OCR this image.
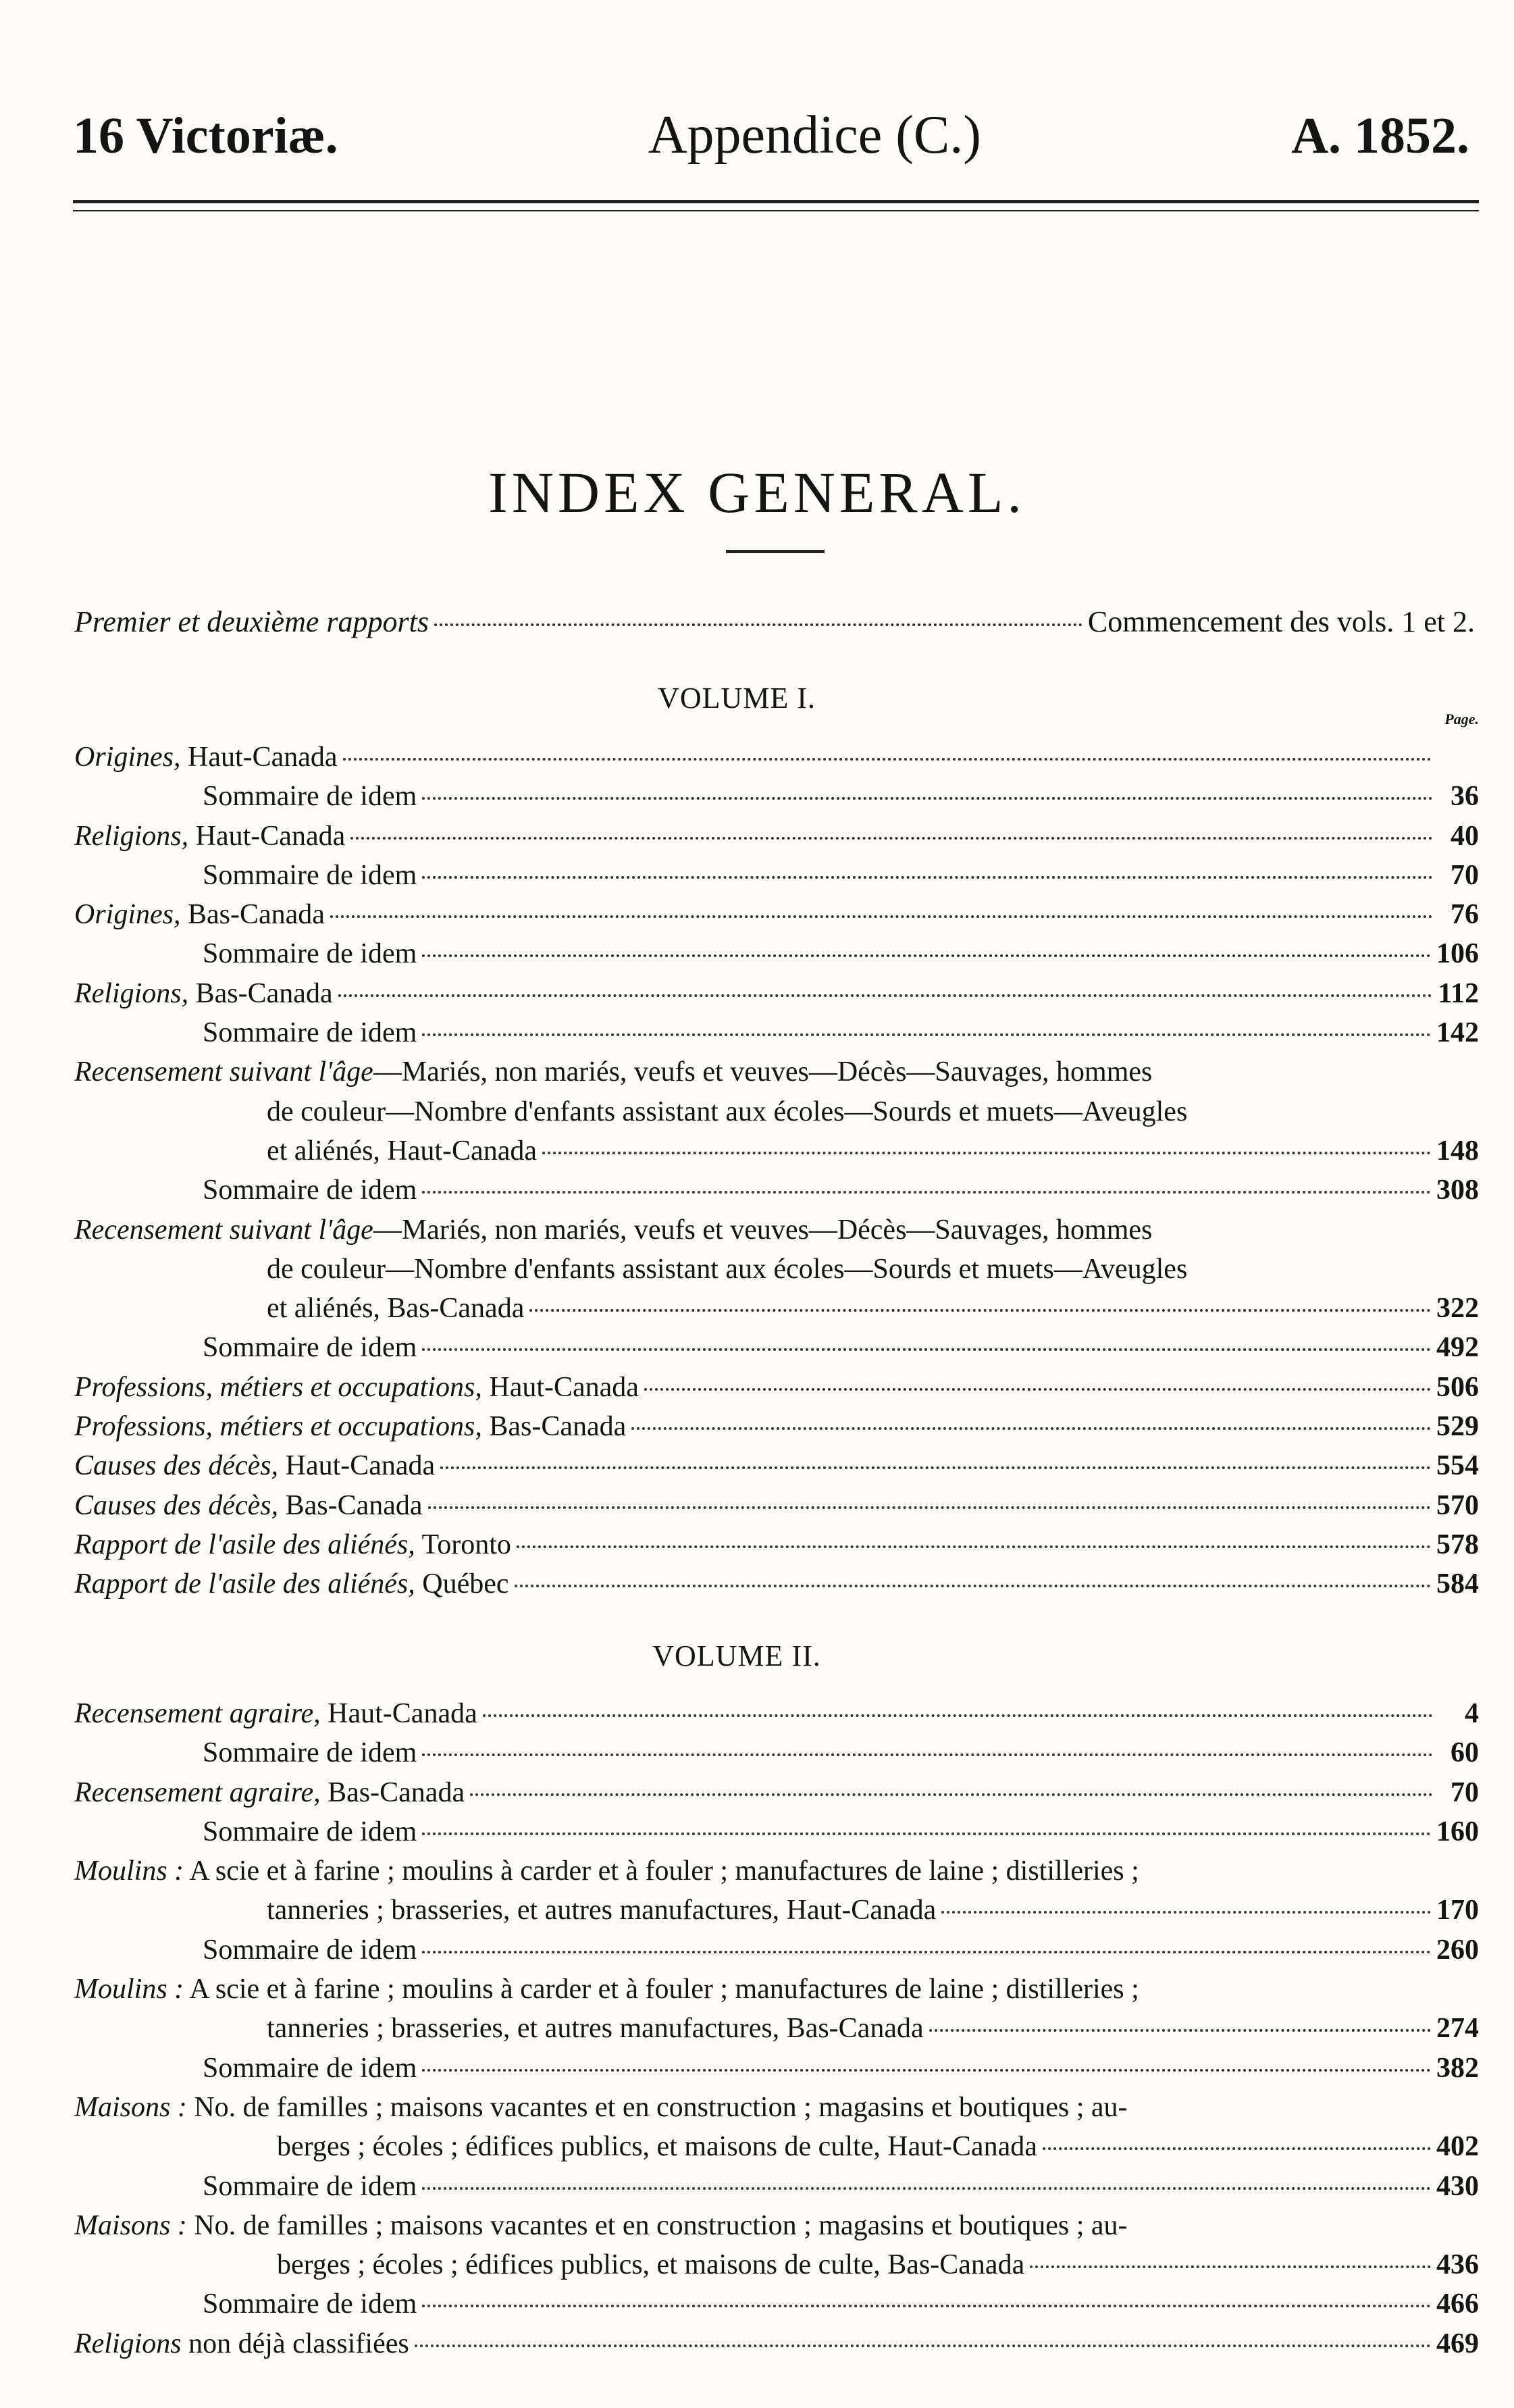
16 Victoriæ.	Appendice (C.)	A. 1852.
INDEX GENERAL.
Premier et deuxième rapports	Commencement des vols. 1 et 2.
VOLUME I.
Page.
Origines, Haut-Canada
Sommaire de idem	36
Religions, Haut-Canada	40
Sommaire de idem	70
Origines, Bas-Canada	76
Sommaire de idem	106
Religions, Bas-Canada	112
Sommaire de idem	142
Recensement suivant l'âge —Mariés, non mariés, veufs et veuves—Décès—Sauvages, hommes
de couleur—Nombre d'enfants assistant aux écoles—Sourds et muets—Aveugles
et aliénés, Haut-Canada	148
Sommaire de idem	308
Recensement suivant l'âge —Mariés, non mariés, veufs et veuves—Décès—Sauvages, hommes
de couleur—Nombre d'enfants assistant aux écoles—Sourds et muets—Aveugles
et aliénés, Bas-Canada	322
Sommaire de idem	492
Professions, métiers et occupations, Haut-Canada	506
Professions, métiers et occupations, Bas-Canada	529
Causes des décès, Haut-Canada	554
Causes des décès, Bas-Canada	570
Rapport de l'asile des aliénés, Toronto	578
Rapport de l'asile des aliénés, Québec	584
VOLUME II.
Recensement agraire, Haut-Canada	4
Sommaire de idem	60
Recensement agraire, Bas-Canada	70
Sommaire de idem	160
Moulins : A scie et à farine ; moulins à carder et à fouler ; manufactures de laine ; distilleries ;
tanneries ; brasseries, et autres manufactures, Haut-Canada	170
Sommaire de idem	260
Moulins : A scie et à farine ; moulins à carder et à fouler ; manufactures de laine ; distilleries ;
tanneries ; brasseries, et autres manufactures, Bas-Canada	274
Sommaire de idem	382
Maisons : No. de familles ; maisons vacantes et en construction ; magasins et boutiques ; au-
berges ; écoles ; édifices publics, et maisons de culte, Haut-Canada	402
Sommaire de idem	430
Maisons : No. de familles ; maisons vacantes et en construction ; magasins et boutiques ; au-
berges ; écoles ; édifices publics, et maisons de culte, Bas-Canada	436
Sommaire de idem	466
Religions non déjà classifiées	469
